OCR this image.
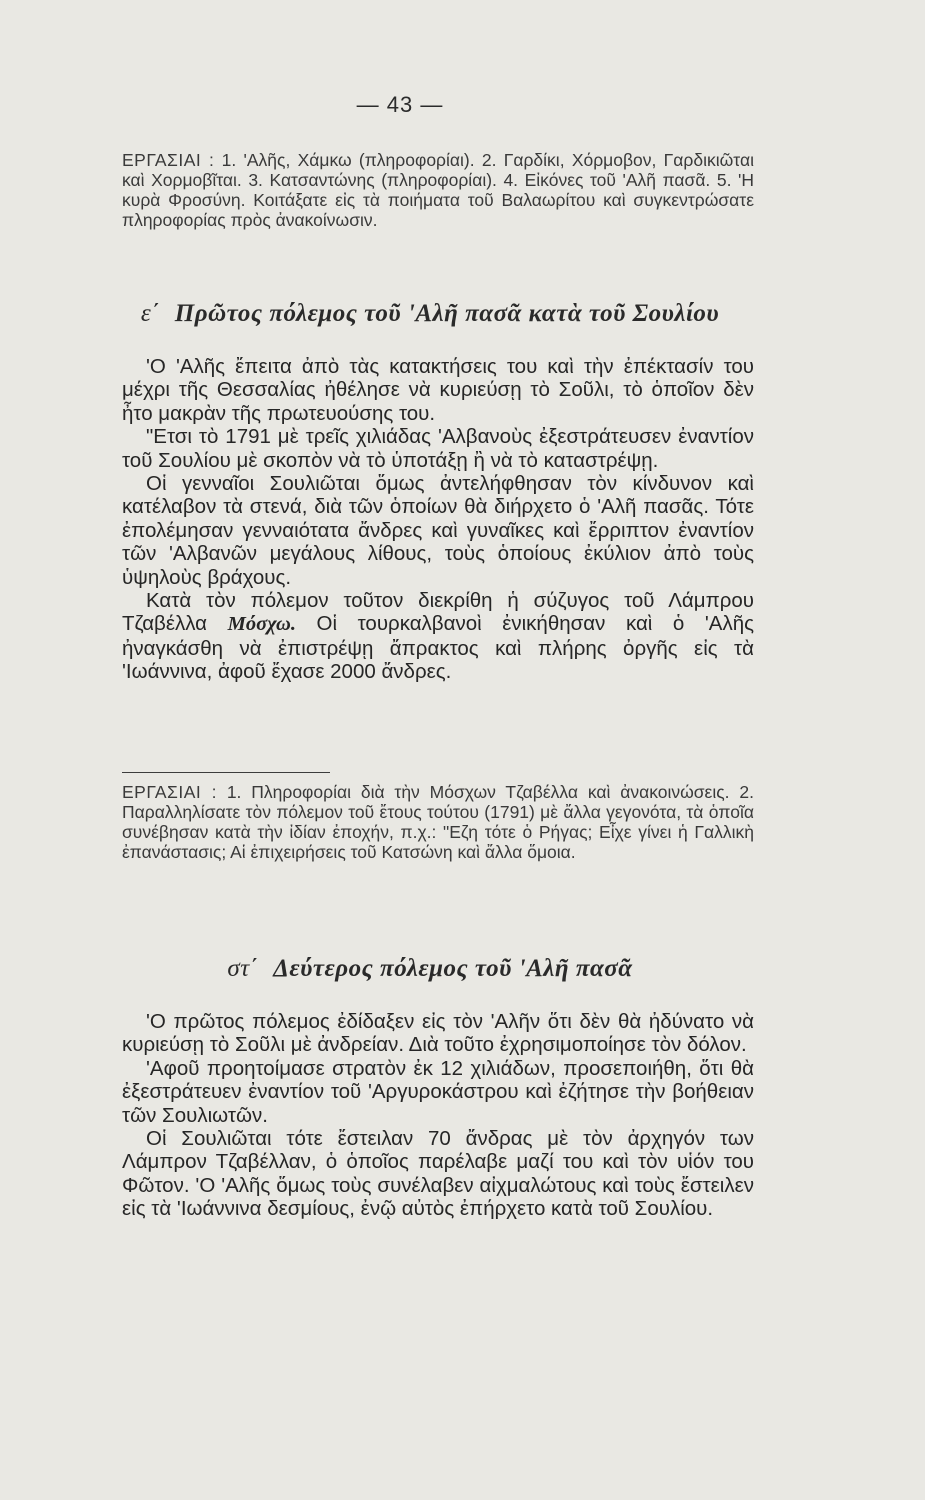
— 43 —
ΕΡΓΑΣΙΑΙ : 1. 'Αλῆς, Χάμκω (πληροφορίαι). 2. Γαρδίκι, Χόρμοβον, Γαρδικιῶται καὶ Χορμοβῖται. 3. Κατσαντώνης (πληροφορίαι). 4. Εἰκόνες τοῦ 'Αλῆ πασᾶ. 5. 'Η κυρὰ Φροσύνη. Κοιτάξατε εἰς τὰ ποιήματα τοῦ Βαλαωρίτου καὶ συγκεντρώσατε πληροφορίας πρὸς ἀνακοίνωσιν.
ε΄ Πρῶτος πόλεμος τοῦ 'Αλῆ πασᾶ κατὰ τοῦ Σουλίου

'Ο 'Αλῆς ἔπειτα ἀπὸ τὰς κατακτήσεις του καὶ τὴν ἐπέκτασίν του μέχρι τῆς Θεσσαλίας ἠθέλησε νὰ κυριεύσῃ τὸ Σοῦλι, τὸ ὁποῖον δὲν ἦτο μακρὰν τῆς πρωτευούσης του.

"Ετσι τὸ 1791 μὲ τρεῖς χιλιάδας 'Αλβανοὺς ἐξεστράτευσεν ἐναντίον τοῦ Σουλίου μὲ σκοπὸν νὰ τὸ ὑποτάξῃ ἢ νὰ τὸ καταστρέψῃ.

Οἱ γενναῖοι Σουλιῶται ὅμως ἀντελήφθησαν τὸν κίνδυνον καὶ κατέλαβον τὰ στενά, διὰ τῶν ὁποίων θὰ διήρχετο ὁ 'Αλῆ πασᾶς. Τότε ἐπολέμησαν γενναιότατα ἄνδρες καὶ γυναῖκες καὶ ἔρριπτον ἐναντίον τῶν 'Αλβανῶν μεγάλους λίθους, τοὺς ὁποίους ἐκύλιον ἀπὸ τοὺς ὑψηλοὺς βράχους.

Κατὰ τὸν πόλεμον τοῦτον διεκρίθη ἡ σύζυγος τοῦ Λάμπρου Τζαβέλλα Μόσχω. Οἱ τουρκαλβανοὶ ἐνικήθησαν καὶ ὁ 'Αλῆς ἠναγκάσθη νὰ ἐπιστρέψῃ ἄπρακτος καὶ πλήρης ὀργῆς εἰς τὰ 'Ιωάννινα, ἀφοῦ ἔχασε 2000 ἄνδρες.

ΕΡΓΑΣΙΑΙ : 1. Πληροφορίαι διὰ τὴν Μόσχων Τζαβέλλα καὶ ἀνακοινώσεις. 2. Παραλληλίσατε τὸν πόλεμον τοῦ ἔτους τούτου (1791) μὲ ἄλλα γεγονότα, τὰ ὁποῖα συνέβησαν κατὰ τὴν ἰδίαν ἐποχήν, π.χ.: "Εζη τότε ὁ Ρήγας; Εἶχε γίνει ἡ Γαλλικὴ ἐπανάστασις; Αἱ ἐπιχειρήσεις τοῦ Κατσώνη καὶ ἄλλα ὅμοια.
στ΄ Δεύτερος πόλεμος τοῦ 'Αλῆ πασᾶ

'Ο πρῶτος πόλεμος ἐδίδαξεν εἰς τὸν 'Αλῆν ὅτι δὲν θὰ ἠδύνατο νὰ κυριεύσῃ τὸ Σοῦλι μὲ ἀνδρείαν. Διὰ τοῦτο ἐχρησιμοποίησε τὸν δόλον.

'Αφοῦ προητοίμασε στρατὸν ἐκ 12 χιλιάδων, προσεποιήθη, ὅτι θὰ ἐξεστράτευεν ἐναντίον τοῦ 'Αργυροκάστρου καὶ ἐζήτησε τὴν βοήθειαν τῶν Σουλιωτῶν.

Οἱ Σουλιῶται τότε ἔστειλαν 70 ἄνδρας μὲ τὸν ἀρχηγόν των Λάμπρον Τζαβέλλαν, ὁ ὁποῖος παρέλαβε μαζί του καὶ τὸν υἱόν του Φῶτον. 'Ο 'Αλῆς ὅμως τοὺς συνέλαβεν αἰχμαλώτους καὶ τοὺς ἔστειλεν εἰς τὰ 'Ιωάννινα δεσμίους, ἐνῷ αὐτὸς ἐπήρχετο κατὰ τοῦ Σουλίου.
